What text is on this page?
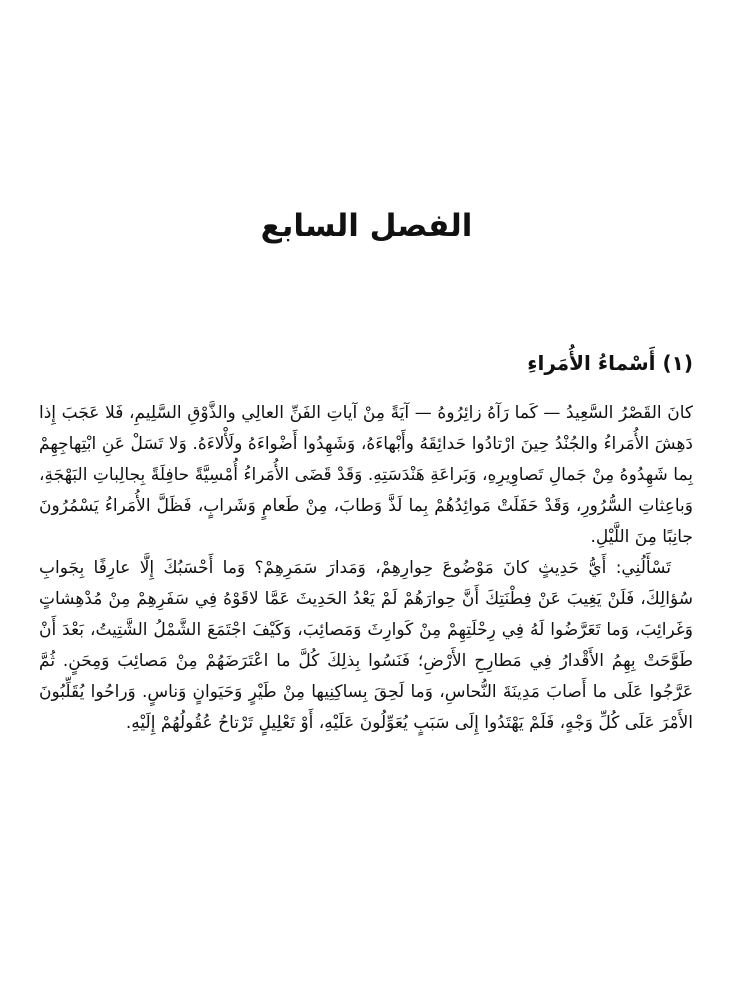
الفصل السابع
(١) أَسْماءُ الأُمَراءِ

كانَ القَصْرُ السَّعِيدُ — كَما رَآهُ زائِرُوهُ — آيَةً مِنْ آياتِ الفَنِّ العالِي والذَّوْقِ السَّلِيمِ، فَلا عَجَبَ إِذا دَهِشَ الأُمَراءُ والجُنْدُ حِينَ ارْتادُوا حَدائِقَهُ وأَبْهاءَهُ، وَشَهِدُوا أَضْواءَهُ ولَأْلاءَهُ. وَلا تَسَلْ عَنِ ابْتِهاجِهِمْ بِما شَهِدُوهُ مِنْ جَمالِ تَصاوِيرِهِ، وَبَراعَةِ هَنْدَسَتِهِ. وَقَدْ قَضَى الأُمَراءُ أُمْسِيَّةً حافِلَةً بِجالِباتِ البَهْجَةِ، وَباعِثاتِ السُّرُورِ، وَقَدْ حَفَلَتْ مَوائِدُهُمْ بِما لَذَّ وَطابَ، مِنْ طَعامٍ وَشَرابٍ، فَظَلَّ الأُمَراءُ يَسْمُرُونَ جانِبًا مِنَ اللَّيْلِ.

تَسْأَلُنِي: أَيُّ حَدِيثٍ كانَ مَوْضُوعَ حِوارِهِمْ، وَمَدارَ سَمَرِهِمْ؟ وَما أَحْسَبُكَ إِلَّا عارِفًا بِجَوابِ سُؤالِكَ، فَلَنْ يَغِيبَ عَنْ فِطْنَتِكَ أَنَّ حِوارَهُمْ لَمْ يَعْدُ الحَدِيثَ عَمَّا لاقَوْهُ فِي سَفَرِهِمْ مِنْ مُدْهِشاتٍ وَغَرائِبَ، وَما تَعَرَّضُوا لَهُ فِي رِحْلَتِهِمْ مِنْ كَوارِثَ وَمَصائِبَ، وَكَيْفَ اجْتَمَعَ الشَّمْلُ الشَّتِيتُ، بَعْدَ أَنْ طَوَّحَتْ بِهِمُ الأَقْدارُ فِي مَطارِحِ الأَرْضِ؛ فَنَسُوا بِذلِكَ كُلَّ ما اعْتَرَضَهُمْ مِنْ مَصائِبَ وَمِحَنٍ. ثُمَّ عَرَّجُوا عَلَى ما أَصابَ مَدِينَةَ النُّحاسِ، وَما لَحِقَ بِساكِنِيها مِنْ طَيْرٍ وَحَيَوانٍ وَناسٍ. وَراحُوا يُقَلِّبُونَ الأَمْرَ عَلَى كُلِّ وَجْهٍ، فَلَمْ يَهْتَدُوا إِلَى سَبَبٍ يُعَوِّلُونَ عَلَيْهِ، أَوْ تَعْلِيلٍ تَرْتاحُ عُقُولُهُمْ إِلَيْهِ.
